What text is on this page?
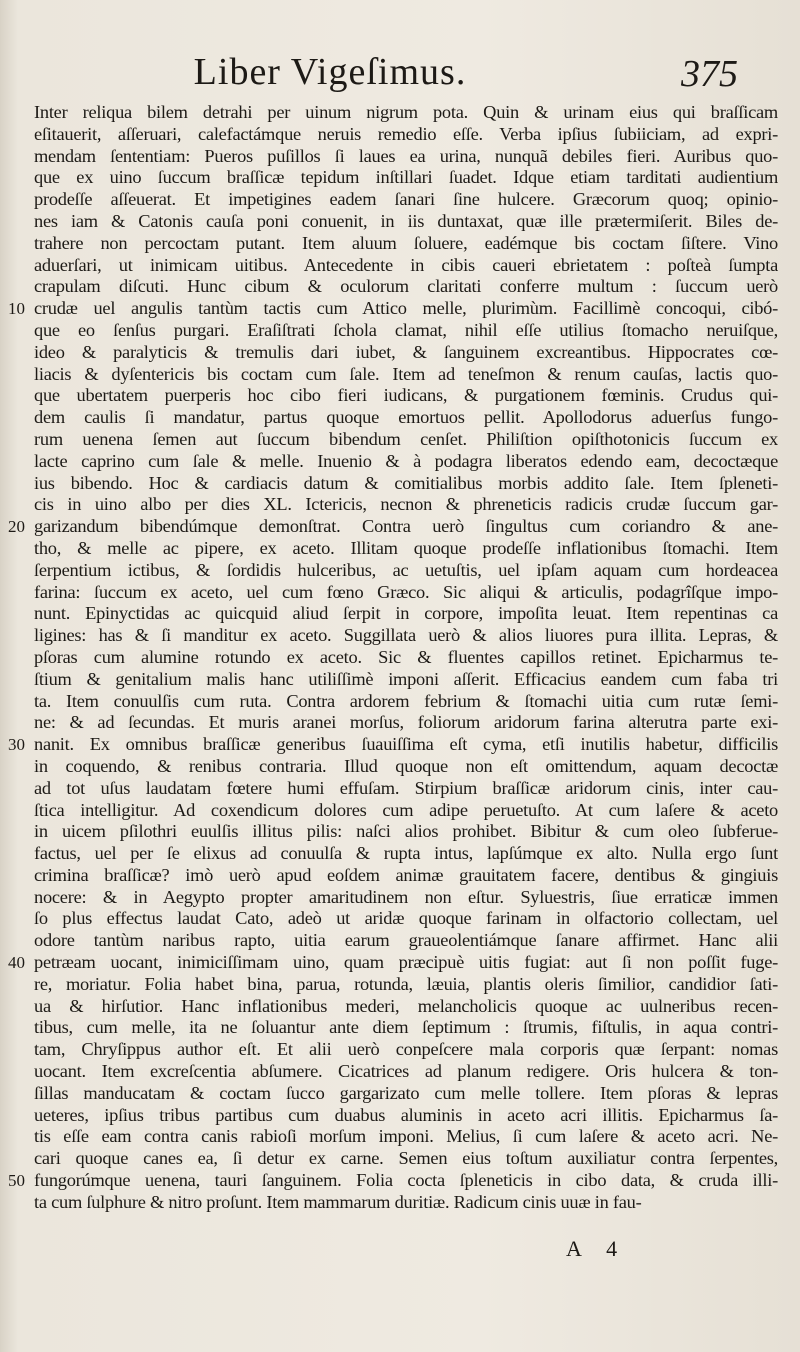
Liber Vigeſimus.	375
10
20
30
40
50
Inter reliqua bilem detrahi per uinum nigrum pota. Quin & urinam eius qui braſſicam
eſitauerit, aſſeruari, calefactámque neruis remedio eſſe. Verba ipſius ſubiiciam, ad expri-
mendam ſententiam: Pueros puſillos ſi laues ea urina, nunquã debiles fieri. Auribus quo-
que ex uino ſuccum braſſicæ tepidum inſtillari ſuadet. Idque etiam tarditati audientium
prodeſſe aſſeuerat. Et impetigines eadem ſanari ſine hulcere. Græcorum quoq; opinio-
nes iam & Catonis cauſa poni conuenit, in iis duntaxat, quæ ille prætermiſerit. Biles de-
trahere non percoctam putant. Item aluum ſoluere, eadémque bis coctam ſiſtere. Vino
aduerſari, ut inimicam uitibus. Antecedente in cibis caueri ebrietatem : poſteà ſumpta
crapulam diſcuti. Hunc cibum & oculorum claritati conferre multum : ſuccum uerò
crudæ uel angulis tantùm tactis cum Attico melle, plurimùm. Facillimè concoqui, cibó-
que eo ſenſus purgari. Eraſiſtrati ſchola clamat, nihil eſſe utilius ſtomacho neruiſque,
ideo & paralyticis & tremulis dari iubet, & ſanguinem excreantibus. Hippocrates cœ-
liacis & dyſentericis bis coctam cum ſale. Item ad teneſmon & renum cauſas, lactis quo-
que ubertatem puerperis hoc cibo fieri iudicans, & purgationem fœminis. Crudus qui-
dem caulis ſi mandatur, partus quoque emortuos pellit. Apollodorus aduerſus fungo-
rum uenena ſemen aut ſuccum bibendum cenſet. Philiſtion opiſthotonicis ſuccum ex
lacte caprino cum ſale & melle. Inuenio & à podagra liberatos edendo eam, decoctæque
ius bibendo. Hoc & cardiacis datum & comitialibus morbis addito ſale. Item ſpleneti-
cis in uino albo per dies XL. Ictericis, necnon & phreneticis radicis crudæ ſuccum gar-
garizandum bibendúmque demonſtrat. Contra uerò ſingultus cum coriandro & ane-
tho, & melle ac pipere, ex aceto. Illitam quoque prodeſſe inflationibus ſtomachi. Item
ſerpentium ictibus, & ſordidis hulceribus, ac uetuſtis, uel ipſam aquam cum hordeacea
farina: ſuccum ex aceto, uel cum fœno Græco. Sic aliqui & articulis, podagrîſque impo-
nunt. Epinyctidas ac quicquid aliud ſerpit in corpore, impoſita leuat. Item repentinas ca
ligines: has & ſi manditur ex aceto. Suggillata uerò & alios liuores pura illita. Lepras, &
pſoras cum alumine rotundo ex aceto. Sic & fluentes capillos retinet. Epicharmus te-
ſtium & genitalium malis hanc utiliſſimè imponi aſſerit. Efficacius eandem cum faba tri
ta. Item conuulſis cum ruta. Contra ardorem febrium & ſtomachi uitia cum rutæ ſemi-
ne: & ad ſecundas. Et muris aranei morſus, foliorum aridorum farina alterutra parte exi-
nanit. Ex omnibus braſſicæ generibus ſuauiſſima eſt cyma, etſi inutilis habetur, difficilis
in coquendo, & renibus contraria. Illud quoque non eſt omittendum, aquam decoctæ
ad tot uſus laudatam fœtere humi effuſam. Stirpium braſſicæ aridorum cinis, inter cau-
ſtica intelligitur. Ad coxendicum dolores cum adipe peruetuſto. At cum laſere & aceto
in uicem pſilothri euulſis illitus pilis: naſci alios prohibet. Bibitur & cum oleo ſubferue-
factus, uel per ſe elixus ad conuulſa & rupta intus, lapſúmque ex alto. Nulla ergo ſunt
crimina braſſicæ? imò uerò apud eoſdem animæ grauitatem facere, dentibus & gingiuis
nocere: & in Aegypto propter amaritudinem non eſtur. Syluestris, ſiue erraticæ immen
ſo plus effectus laudat Cato, adeò ut aridæ quoque farinam in olfactorio collectam, uel
odore tantùm naribus rapto, uitia earum graueolentiámque ſanare affirmet. Hanc alii
petræam uocant, inimiciſſimam uino, quam præcipuè uitis fugiat: aut ſi non poſſit fuge-
re, moriatur. Folia habet bina, parua, rotunda, læuia, plantis oleris ſimilior, candidior ſati-
ua & hirſutior. Hanc inflationibus mederi, melancholicis quoque ac uulneribus recen-
tibus, cum melle, ita ne ſoluantur ante diem ſeptimum : ſtrumis, fiſtulis, in aqua contri-
tam, Chryſippus author eſt. Et alii uerò conpeſcere mala corporis quæ ſerpant: nomas
uocant. Item excreſcentia abſumere. Cicatrices ad planum redigere. Oris hulcera & ton-
ſillas manducatam & coctam ſucco gargarizato cum melle tollere. Item pſoras & lepras
ueteres, ipſius tribus partibus cum duabus aluminis in aceto acri illitis. Epicharmus ſa-
tis eſſe eam contra canis rabioſi morſum imponi. Melius, ſi cum laſere & aceto acri. Ne-
cari quoque canes ea, ſi detur ex carne. Semen eius toſtum auxiliatur contra ſerpentes,
fungorúmque uenena, tauri ſanguinem. Folia cocta ſpleneticis in cibo data, & cruda illi-
ta cum ſulphure & nitro proſunt. Item mammarum duritiæ. Radicum cinis uuæ in fau-
A 4
